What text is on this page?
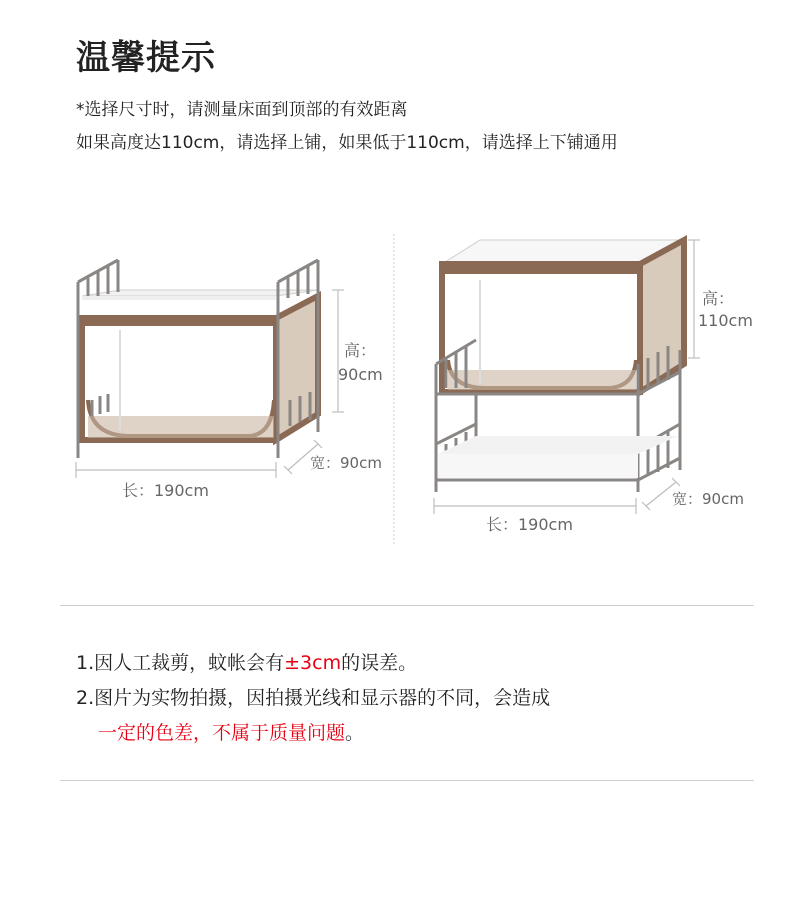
温馨提示
*选择尺寸时，请测量床面到顶部的有效距离
如果高度达110cm，请选择上铺，如果低于110cm，请选择上下铺通用
长：190cm
高：
90cm
宽：90cm
长：190cm
高：
110cm
宽：90cm
1.因人工裁剪，蚊帐会有±3cm的误差。
2.图片为实物拍摄，因拍摄光线和显示器的不同，会造成
一定的色差，不属于质量问题。
